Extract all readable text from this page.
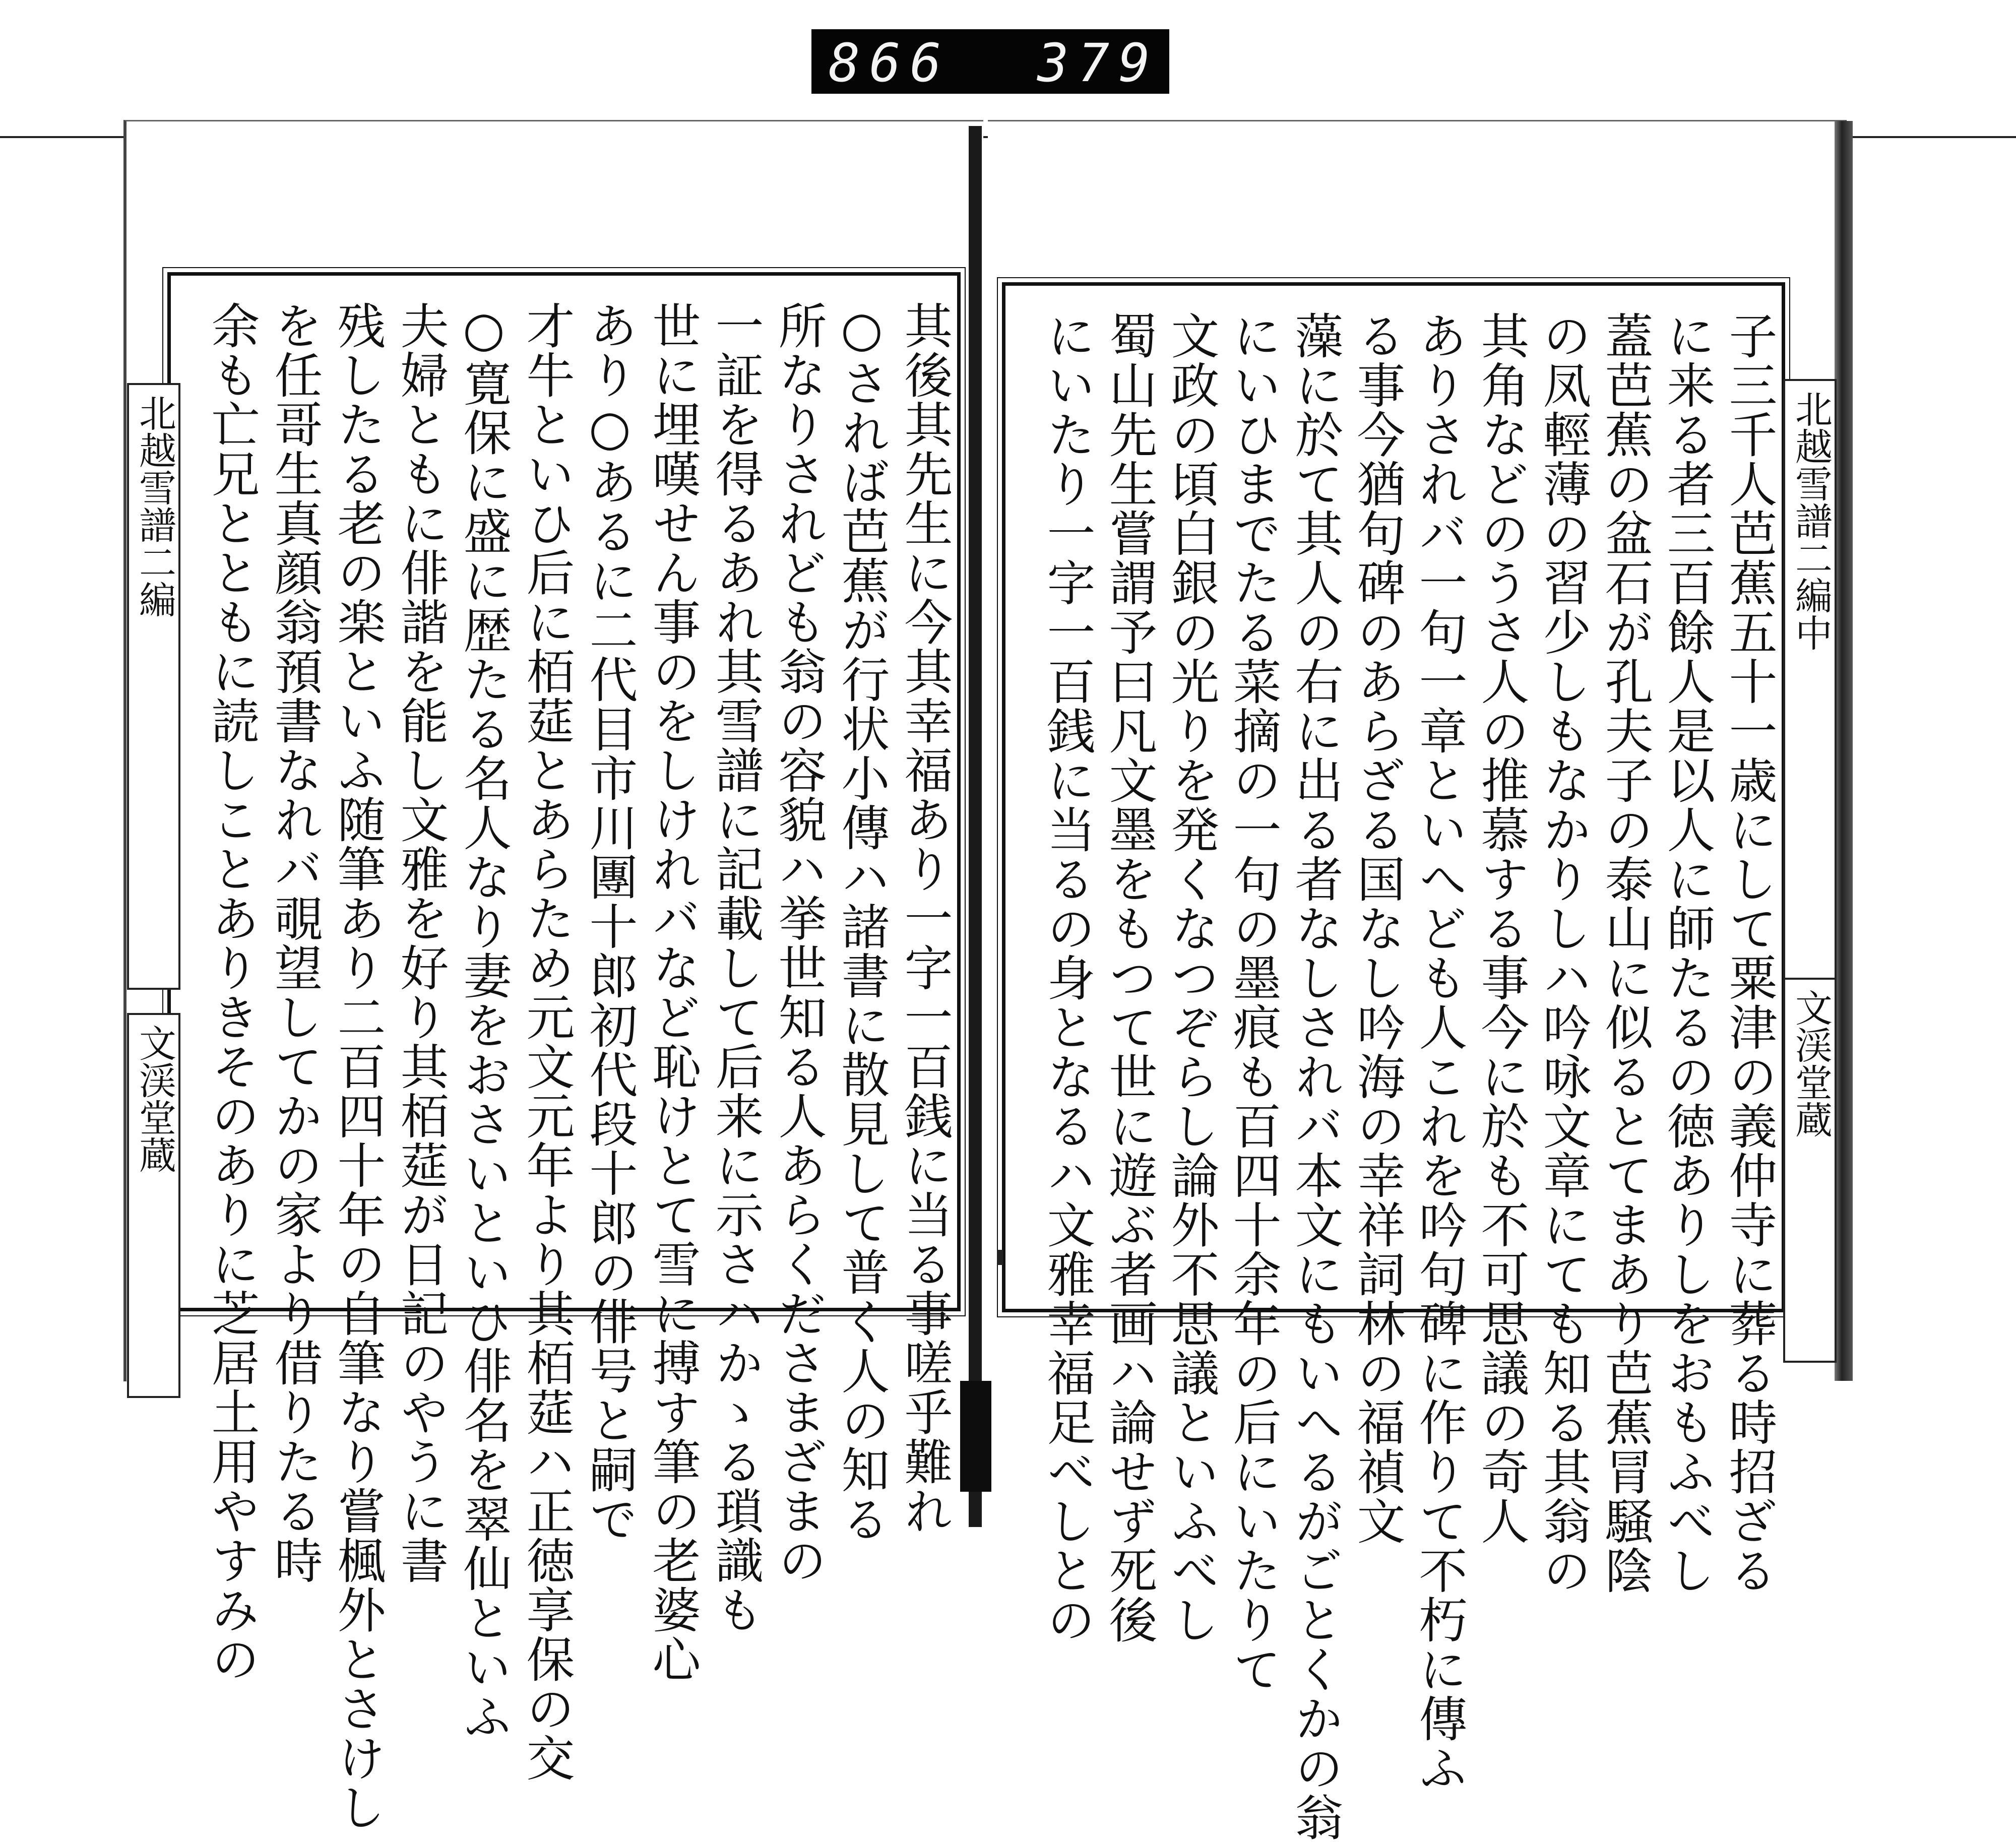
866 379
其後其先生に今其幸福あり一字一百銭に当る事嗟乎難れ
○されば芭蕉が行状小傳ハ諸書に散見して普く人の知る
所なりされども翁の容貌ハ挙世知る人あらくださまざまの
一証を得るあれ其雪譜に記載して后来に示さハかゝる瑣識も
世に埋嘆せん事のをしけれバなど恥けとて雪に搏す筆の老婆心
あり○あるに二代目市川團十郎初代段十郎の俳号と嗣で
才牛といひ后に栢莚とあらため元文元年より其栢莚ハ正徳享保の交
○寛保に盛に歴たる名人なり妻をおさいといひ俳名を翠仙といふ
夫婦ともに俳諧を能し文雅を好り其栢莚が日記のやうに書
残したる老の楽といふ随筆あり二百四十年の自筆なり嘗楓外とさけし
を任哥生真顔翁預書なれバ覗望してかの家より借りたる時
余も亡兄とともに読しことありきそのありに芝居土用やすみの
北越雪譜二編
文渓堂蔵	子三千人芭蕉五十一歳にして粟津の義仲寺に葬る時招ざる
に来る者三百餘人是以人に師たるの徳ありしをおもふべし
蓋芭蕉の盆石が孔夫子の泰山に似るとてまあり芭蕉冐騒陰
の凤輕薄の習少しもなかりしハ吟咏文章にても知る其翁の
其角などのうさ人の推慕する事今に於も不可思議の奇人
ありされバ一句一章といへども人これを吟句碑に作りて不朽に傳ふ
る事今猶句碑のあらざる国なし吟海の幸祥詞林の福禎文
藻に於て其人の右に出る者なしされバ本文にもいへるがごとくかの翁
にいひまでたる菜摘の一句の墨痕も百四十余年の后にいたりて
文政の頃白銀の光りを発くなつぞらし論外不思議といふべし
蜀山先生嘗謂予曰凡文墨をもつて世に遊ぶ者画ハ論せず死後
にいたり一字一百銭に当るの身となるハ文雅幸福足べしとの	北越雪譜二編中
文渓堂蔵
